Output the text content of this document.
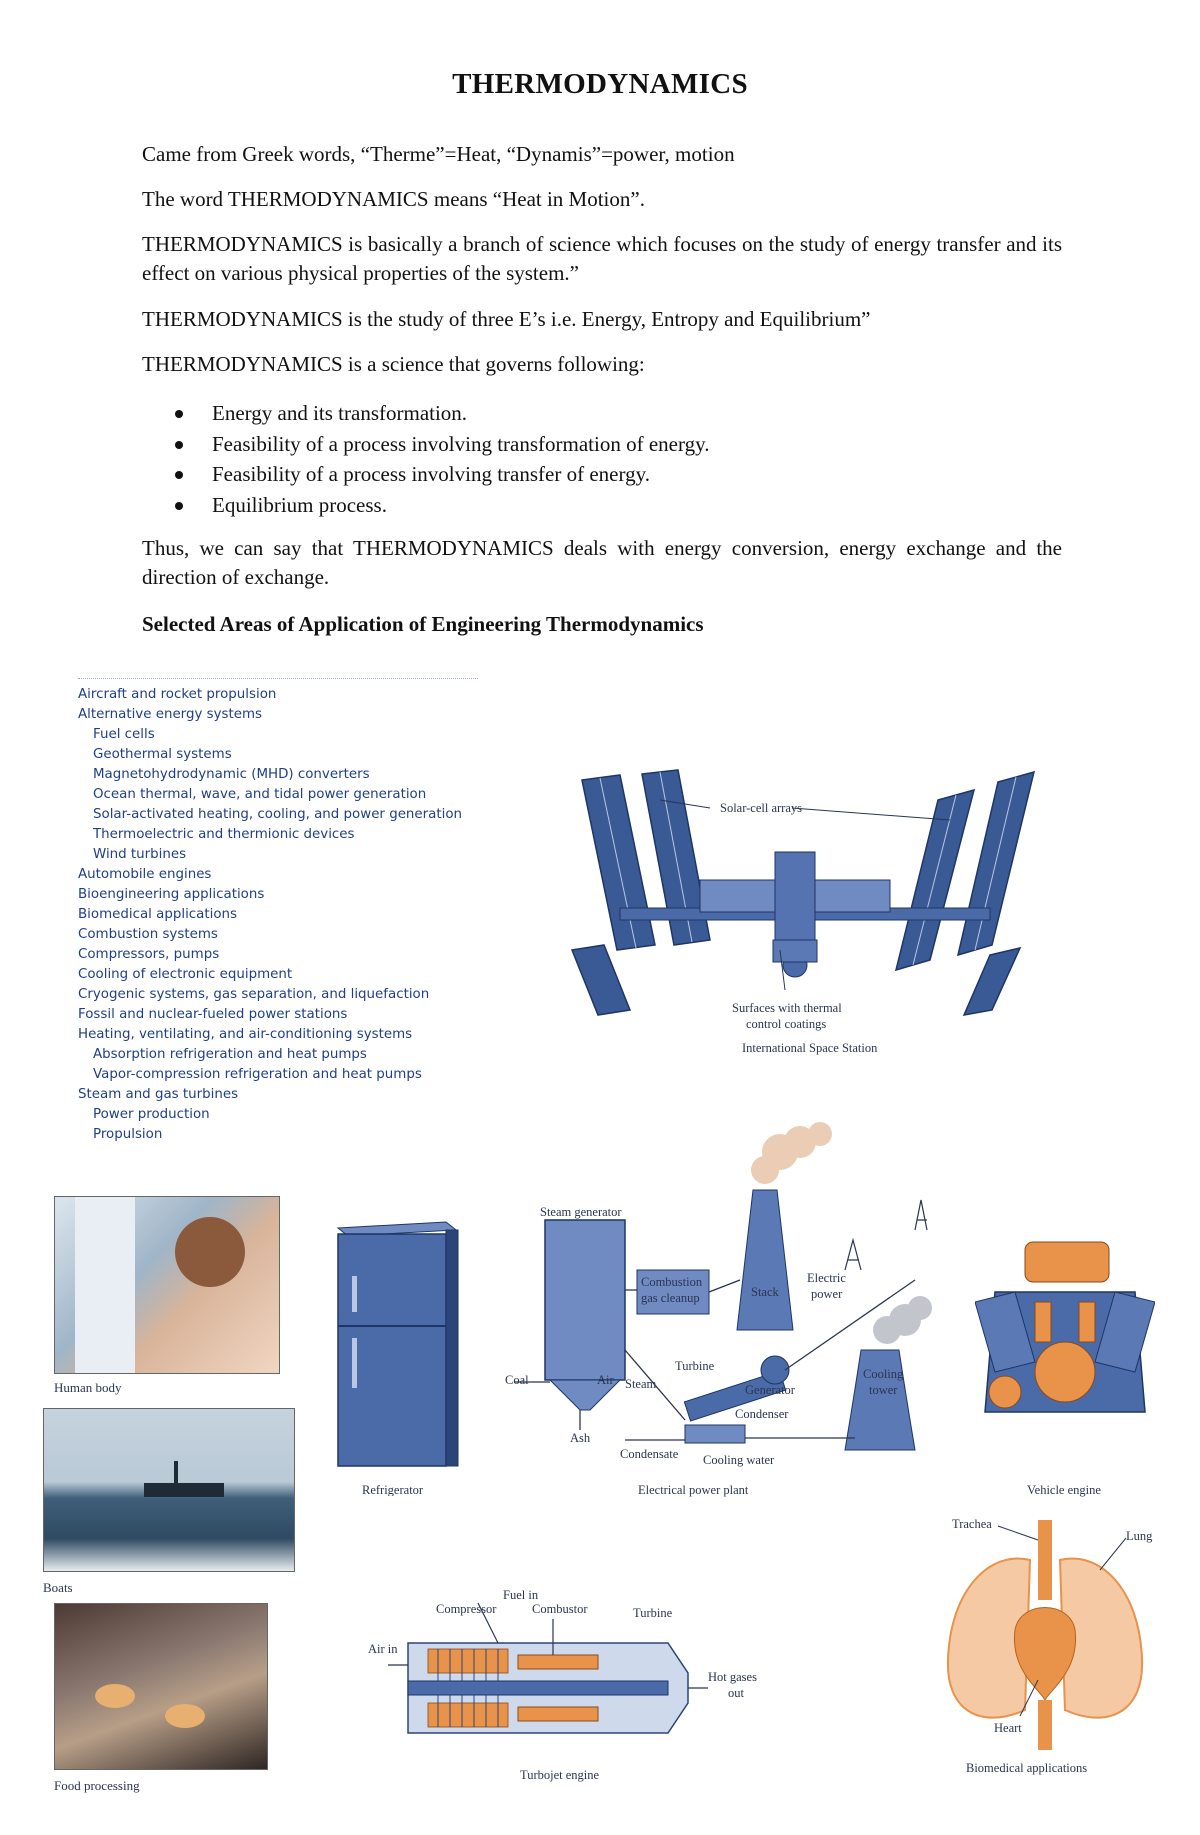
THERMODYNAMICS
Came from Greek words, “Therme”=Heat, “Dynamis”=power, motion
The word THERMODYNAMICS means “Heat in Motion”.
THERMODYNAMICS is basically a branch of science which focuses on the study of energy transfer and its effect on various physical properties of the system.”
THERMODYNAMICS is the study of three E’s i.e. Energy, Entropy and Equilibrium”
THERMODYNAMICS is a science that governs following:
Energy and its transformation.
Feasibility of a process involving transformation of energy.
Feasibility of a process involving transfer of energy.
Equilibrium process.
Thus, we can say that THERMODYNAMICS deals with energy conversion, energy exchange and the direction of exchange.
Selected Areas of Application of Engineering Thermodynamics
Aircraft and rocket propulsion
Alternative energy systems
Fuel cells
Geothermal systems
Magnetohydrodynamic (MHD) converters
Ocean thermal, wave, and tidal power generation
Solar-activated heating, cooling, and power generation
Thermoelectric and thermionic devices
Wind turbines
Automobile engines
Bioengineering applications
Biomedical applications
Combustion systems
Compressors, pumps
Cooling of electronic equipment
Cryogenic systems, gas separation, and liquefaction
Fossil and nuclear-fueled power stations
Heating, ventilating, and air-conditioning systems
Absorption refrigeration and heat pumps
Vapor-compression refrigeration and heat pumps
Steam and gas turbines
Power production
Propulsion
Solar-cell arrays
Surfaces with thermal
control coatings
International Space Station
Human body
Boats
Food processing
Refrigerator
Steam generator
Combustion
gas cleanup	Stack
Electric
power
Coal	Air Steam
Turbine
Generator
Cooling
tower
Ash
Condenser
Condensate Cooling water
Electrical power plant	Vehicle engine
Fuel in
Compressor	Combustor	Turbine
Air in
Hot gases
out
Turbojet engine
Trachea
Lung
Heart
Biomedical applications
